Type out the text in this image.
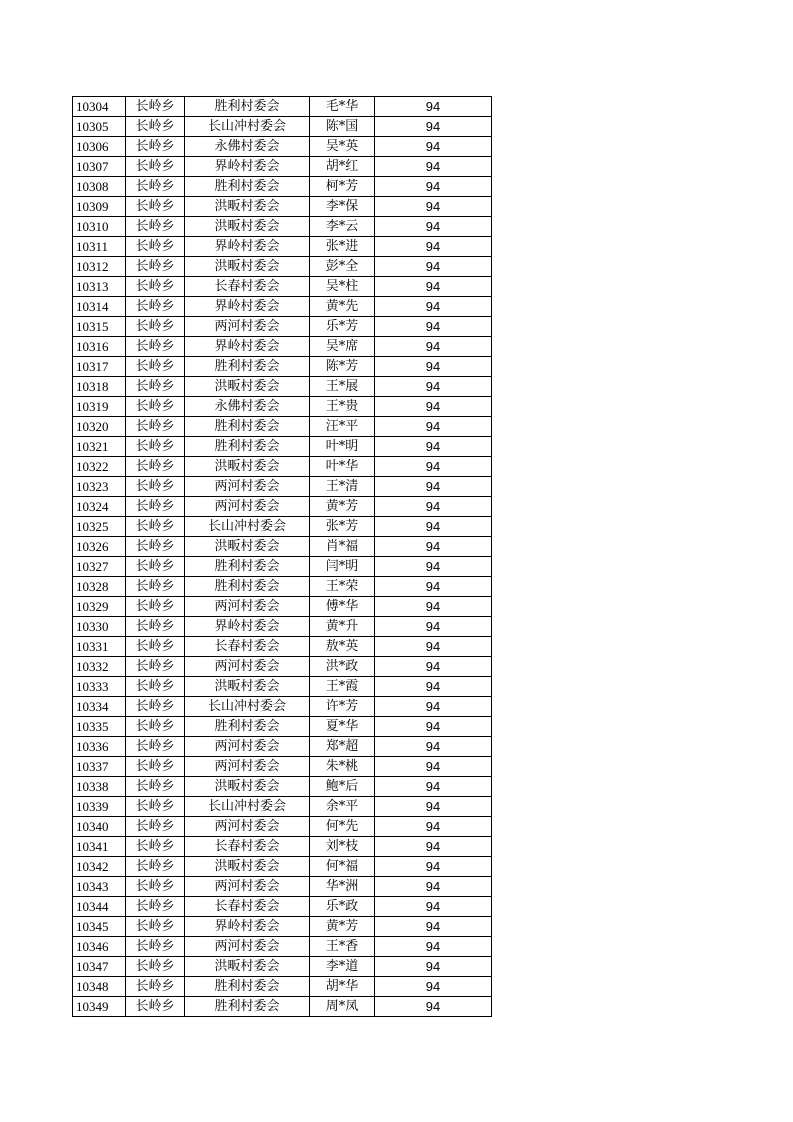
10304	长岭乡	胜利村委会	毛*华	94
10305	长岭乡	长山冲村委会	陈*国	94
10306	长岭乡	永佛村委会	吴*英	94
10307	长岭乡	界岭村委会	胡*红	94
10308	长岭乡	胜利村委会	柯*芳	94
10309	长岭乡	洪畈村委会	李*保	94
10310	长岭乡	洪畈村委会	李*云	94
10311	长岭乡	界岭村委会	张*进	94
10312	长岭乡	洪畈村委会	彭*全	94
10313	长岭乡	长春村委会	吴*柱	94
10314	长岭乡	界岭村委会	黄*先	94
10315	长岭乡	两河村委会	乐*芳	94
10316	长岭乡	界岭村委会	吴*席	94
10317	长岭乡	胜利村委会	陈*芳	94
10318	长岭乡	洪畈村委会	王*展	94
10319	长岭乡	永佛村委会	王*贵	94
10320	长岭乡	胜利村委会	汪*平	94
10321	长岭乡	胜利村委会	叶*明	94
10322	长岭乡	洪畈村委会	叶*华	94
10323	长岭乡	两河村委会	王*清	94
10324	长岭乡	两河村委会	黄*芳	94
10325	长岭乡	长山冲村委会	张*芳	94
10326	长岭乡	洪畈村委会	肖*福	94
10327	长岭乡	胜利村委会	闫*明	94
10328	长岭乡	胜利村委会	王*荣	94
10329	长岭乡	两河村委会	傅*华	94
10330	长岭乡	界岭村委会	黄*升	94
10331	长岭乡	长春村委会	敖*英	94
10332	长岭乡	两河村委会	洪*政	94
10333	长岭乡	洪畈村委会	王*霞	94
10334	长岭乡	长山冲村委会	许*芳	94
10335	长岭乡	胜利村委会	夏*华	94
10336	长岭乡	两河村委会	郑*超	94
10337	长岭乡	两河村委会	朱*桃	94
10338	长岭乡	洪畈村委会	鲍*后	94
10339	长岭乡	长山冲村委会	余*平	94
10340	长岭乡	两河村委会	何*先	94
10341	长岭乡	长春村委会	刘*枝	94
10342	长岭乡	洪畈村委会	何*福	94
10343	长岭乡	两河村委会	华*洲	94
10344	长岭乡	长春村委会	乐*政	94
10345	长岭乡	界岭村委会	黄*芳	94
10346	长岭乡	两河村委会	王*香	94
10347	长岭乡	洪畈村委会	李*道	94
10348	长岭乡	胜利村委会	胡*华	94
10349	长岭乡	胜利村委会	周*凤	94
